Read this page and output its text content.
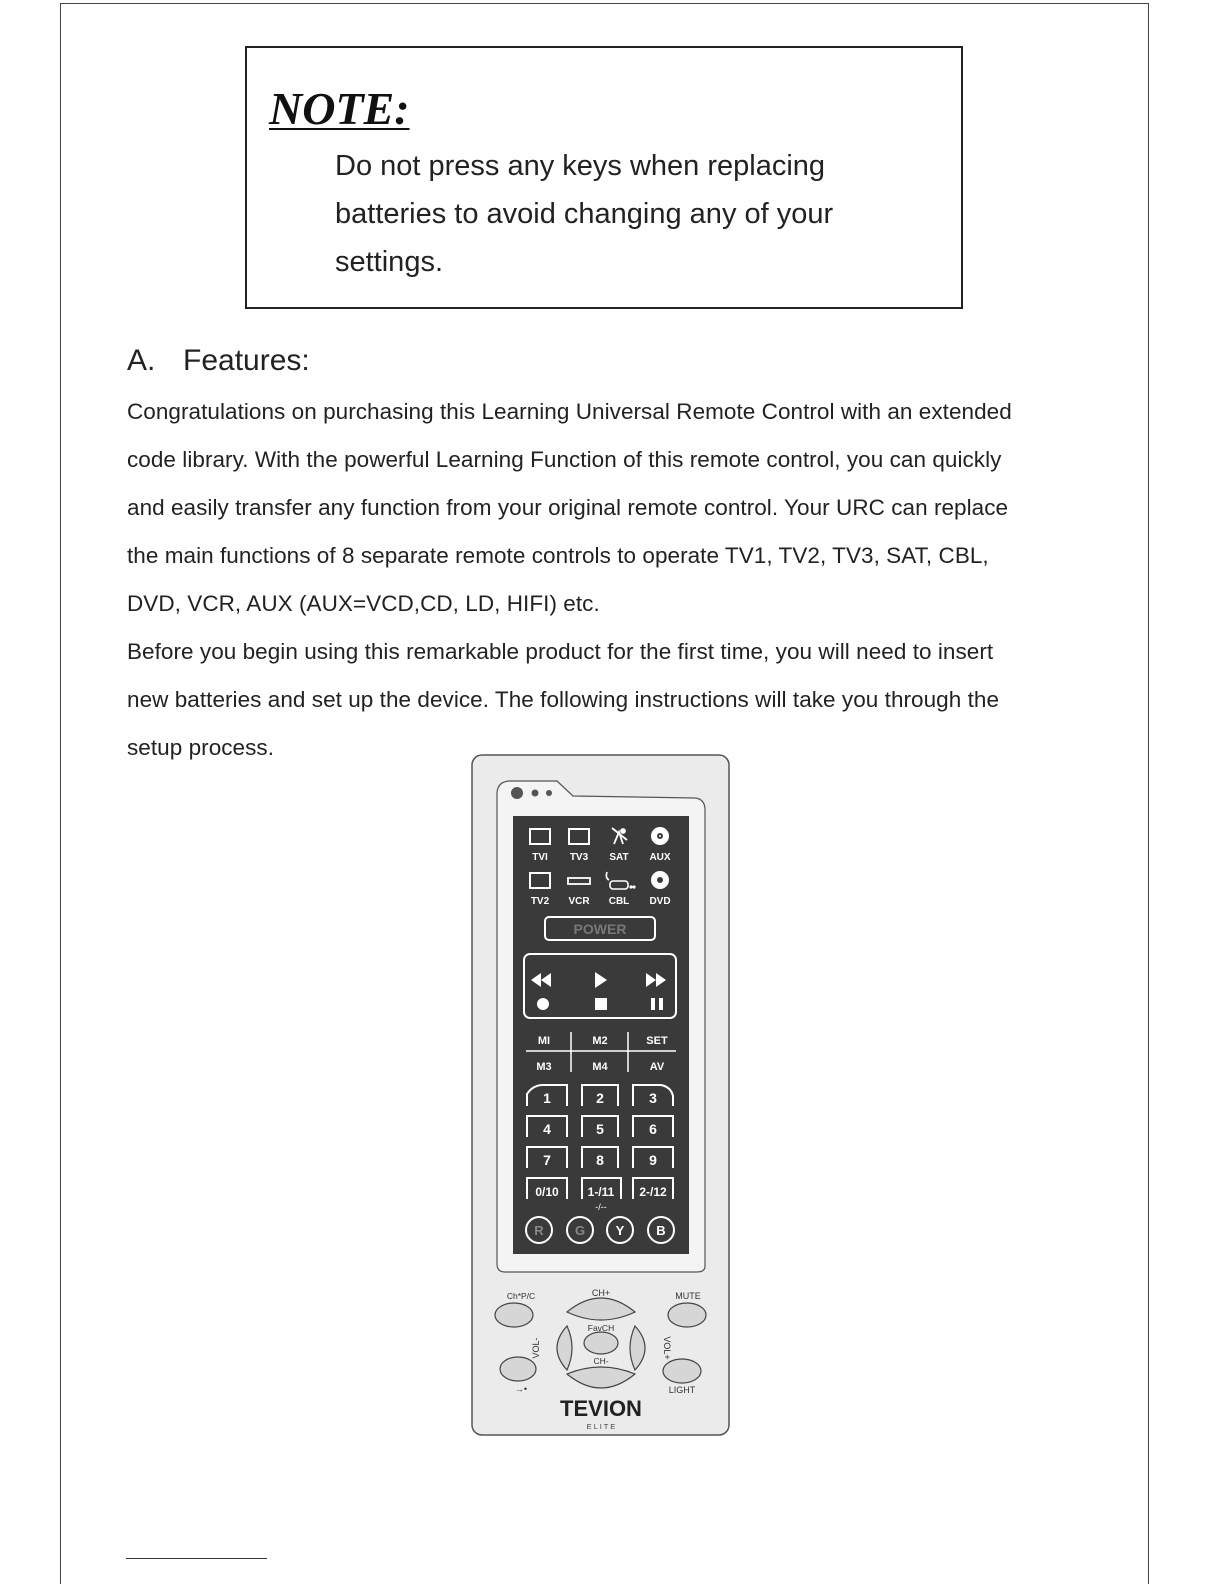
NOTE:
Do not press any keys when replacing
batteries to avoid changing any of your
settings.
A. Features:
Congratulations on purchasing this Learning Universal Remote Control with an extended
code library. With the powerful Learning Function of this remote control, you can quickly
and easily transfer any function from your original remote control. Your URC can replace
the main functions of 8 separate remote controls to operate TV1, TV2, TV3, SAT, CBL,
DVD, VCR, AUX (AUX=VCD,CD, LD, HIFI) etc.
Before you begin using this remarkable product for the first time, you will need to insert
new batteries and set up the device. The following instructions will take you through the
setup process.
TVI TV3 SAT AUX
TV2 VCR CBL DVD
POWER
MI	M2	SET
M3	M4	AV
1	2	3
4	5	6
7	8	9
0/10 1-/11 2-/12
-/--
R G Y B
Ch*P/C	CH+	MUTE
VOL-
FavCH
VOL+
CH-
→•	LIGHT
TEVION
E L I T E
